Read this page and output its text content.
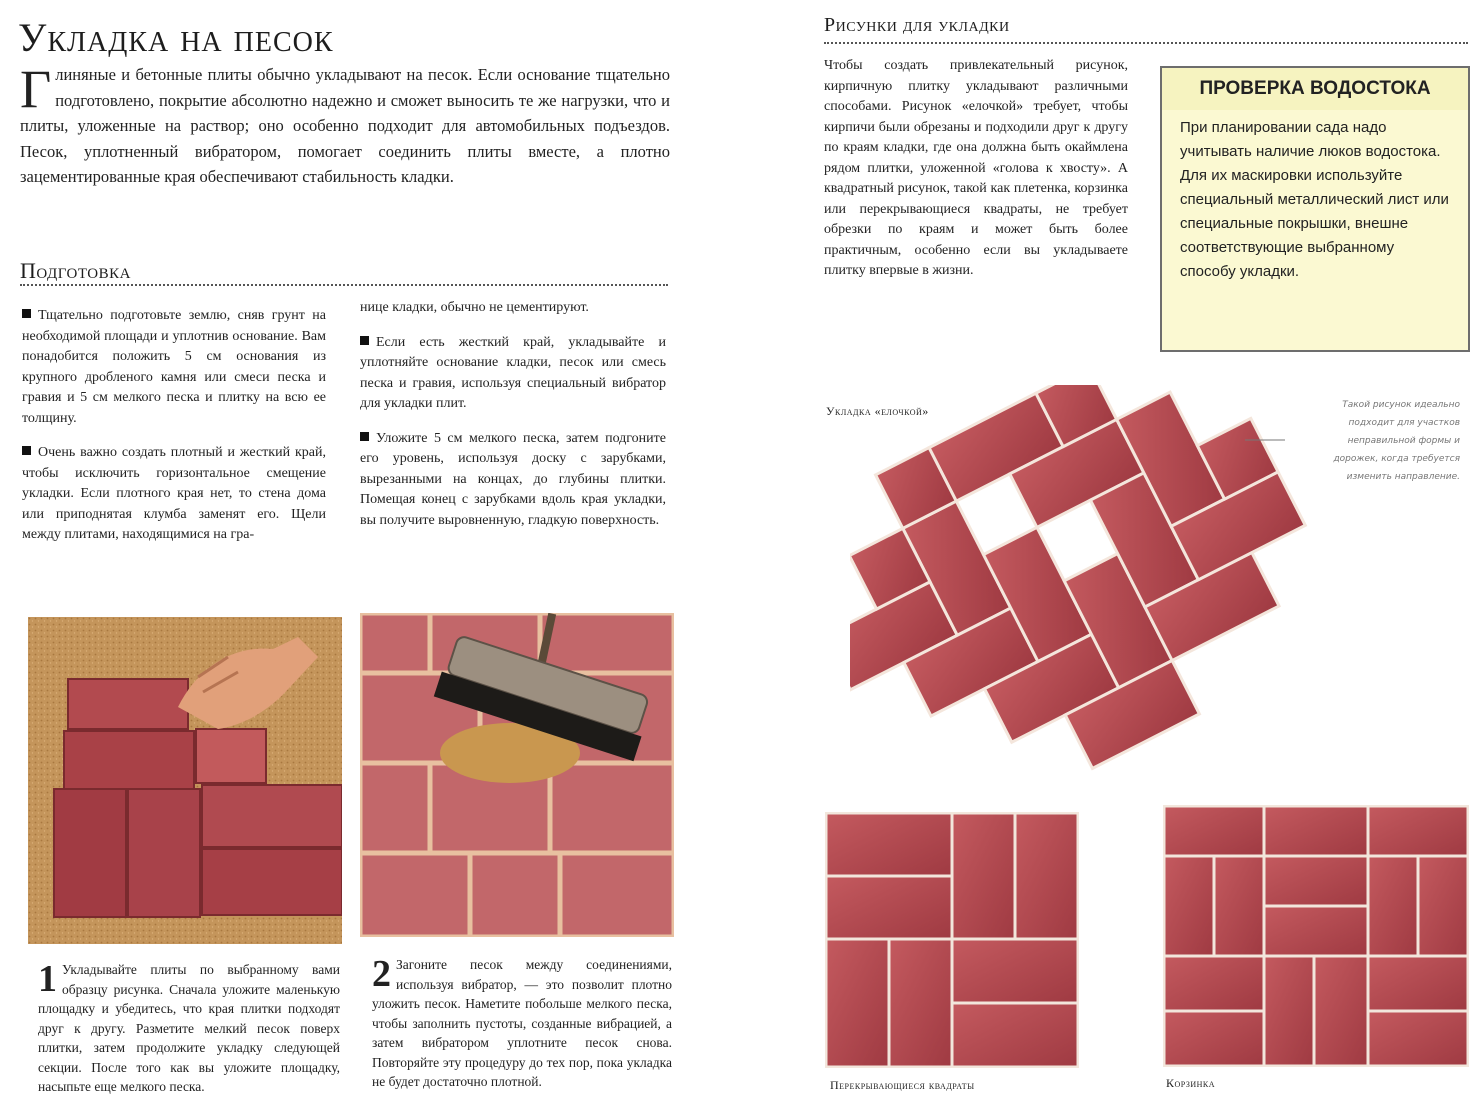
Укладка на песок
Г линяные и бетонные плиты обычно укладывают на песок. Если основание тщательно подготовлено, покрытие абсолютно надежно и сможет выносить те же нагрузки, что и плиты, уложенные на раствор; оно особенно подходит для автомобильных подъездов. Песок, уплотненный вибратором, помогает соединить плиты вместе, а плотно зацементированные края обеспечивают стабильность кладки.
Подготовка

Тщательно подготовьте землю, сняв грунт на необходимой площади и уплотнив основание. Вам понадобится положить 5 см основания из крупного дробленого камня или смеси песка и гравия и 5 см мелкого песка и плитку на всю ее толщину.

Очень важно создать плотный и жесткий край, чтобы исключить горизонтальное смещение укладки. Если плотного края нет, то стена дома или приподнятая клумба заменят его. Щели между плитами, находящимися на гра-

нице кладки, обычно не цементируют.

Если есть жесткий край, укладывайте и уплотняйте основание кладки, песок или смесь песка и гравия, используя специальный вибратор для укладки плит.

Уложите 5 см мелкого песка, затем подгоните его уровень, используя доску с зарубками, вырезанными на концах, до глубины плитки. Помещая конец с зарубками вдоль края укладки, вы получите выровненную, гладкую поверхность.

1 Укладывайте плиты по выбранному вами образцу рисунка. Сначала уложите маленькую площадку и убедитесь, что края плитки подходят друг к другу. Разметите мелкий песок поверх плитки, затем продолжите укладку следующей секции. После того как вы уложите площадку, насыпьте еще мелкого песка.
2 Загоните песок между соединениями, используя вибратор, — это позволит плотно уложить песок. Наметите побольше мелкого песка, чтобы заполнить пустоты, созданные вибрацией, а затем вибратором уплотните песок снова. Повторяйте эту процедуру до тех пор, пока укладка не будет достаточно плотной.
Рисунки для укладки
Чтобы создать привлекательный рисунок, кирпичную плитку укладывают различными способами. Рисунок «елочкой» требует, чтобы кирпичи были обрезаны и подходили друг к другу по краям кладки, где она должна быть окаймлена рядом плитки, уложенной «голова к хвосту». А квадратный рисунок, такой как плетенка, корзинка или перекрывающиеся квадраты, не требует обрезки по краям и может быть более практичным, особенно если вы укладываете плитку впервые в жизни.
ПРОВЕРКА ВОДОСТОКА
При планировании сада надо учитывать наличие люков водостока. Для их маскировки используйте специальный металлический лист или специальные покрышки, внешне соответствующие выбранному способу укладки.
Укладка «елочкой»	Такой рисунок идеально подходит для участков неправильной формы и дорожек, когда требуется изменить направление.
Перекрывающиеся квадраты	Корзинка
